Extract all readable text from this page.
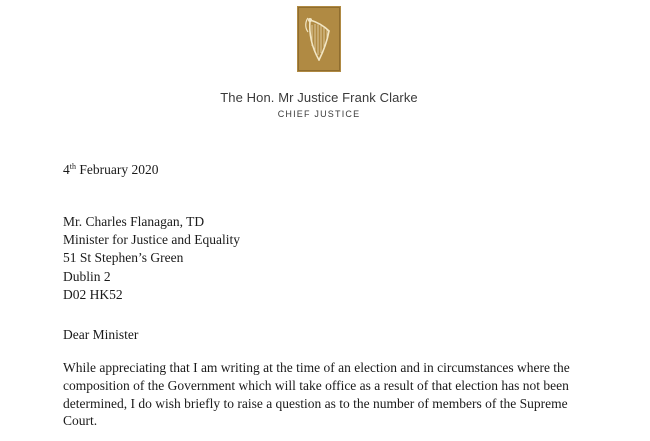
The Hon. Mr Justice Frank Clarke
CHIEF JUSTICE
4th February 2020
Mr. Charles Flanagan, TD
Minister for Justice and Equality
51 St Stephen’s Green
Dublin 2
D02 HK52
Dear Minister
While appreciating that I am writing at the time of an election and in circumstances where the
composition of the Government which will take office as a result of that election has not been
determined, I do wish briefly to raise a question as to the number of members of the Supreme
Court.
